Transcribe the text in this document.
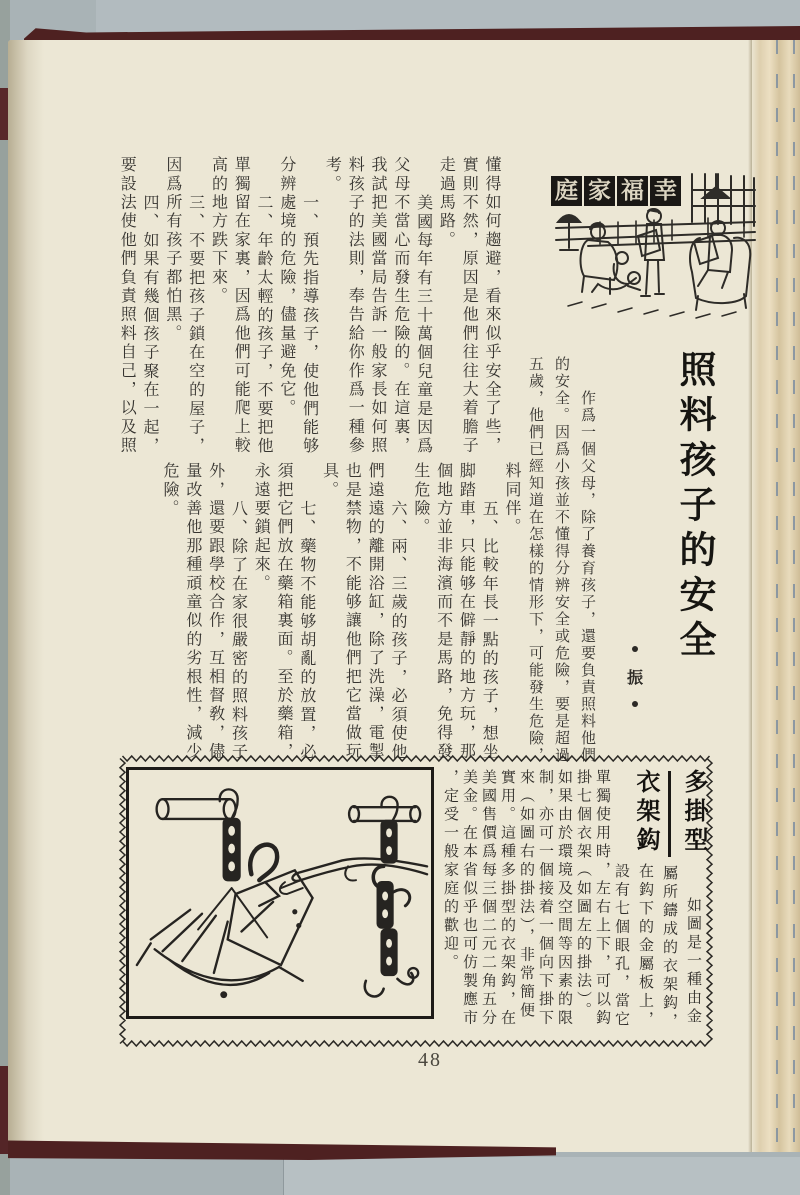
幸
福
家
庭
照料孩子的安全
振

作爲一個父母，除了養育孩子，還要負責照料他們的安全。因爲小孩並不懂得分辨安全或危險，要是超過五歲，他們已經知道在怎樣的情形下，可能發生危險，

懂得如何趨避，看來似乎安全了些，實則不然，原因是他們往往大着膽子走過馬路。

美國每年有三十萬個兒童是因爲父母不當心而發生危險的。在這裏，我試把美國當局告訴一般家長如何照料孩子的法則，奉告給你作爲一種參考。

一、預先指導孩子，使他們能够分辨處境的危險，儘量避免它。

二、年齡太輕的孩子，不要把他單獨留在家裏，因爲他們可能爬上較高的地方跌下來。

三、不要把孩子鎖在空的屋子，因爲所有孩子都怕黑。

四、如果有幾個孩子聚在一起，要設法使他們負責照料自己，以及照

料同伴。

五、比較年長一點的孩子，想坐脚踏車，只能够在僻靜的地方玩，那個地方並非海濱而不是馬路，免得發生危險。

六、兩、三歲的孩子，必須使他們遠遠的離開浴缸，除了洗澡，電掣也是禁物，不能够讓他們把它當做玩具。

七、藥物不能够胡亂的放置，必須把它們放在藥箱裏面。至於藥箱，永遠要鎖起來。

八、除了在家很嚴密的照料孩子外，還要跟學校合作，互相督敎，儘量改善他那種頑童似的劣根性，減少危險。

多掛型
如圖是一種由金
屬所鑄成的衣架鈎，
衣架鈎
在鈎下的金屬板上，
設有七個眼孔，當它
單獨使用時，左右上下，可以鈎
掛七個衣架（如圖左的掛法）。
如果由於環境及空間等因素的限
制，亦可一個接着一個向下掛下
來（如圖右的掛法），非常簡便
實用。這種多掛型的衣架鈎，在
美國售價爲每三個二元二角五分
美金。在本省似乎也可仿製應市
，定受一般家庭的歡迎。
48
